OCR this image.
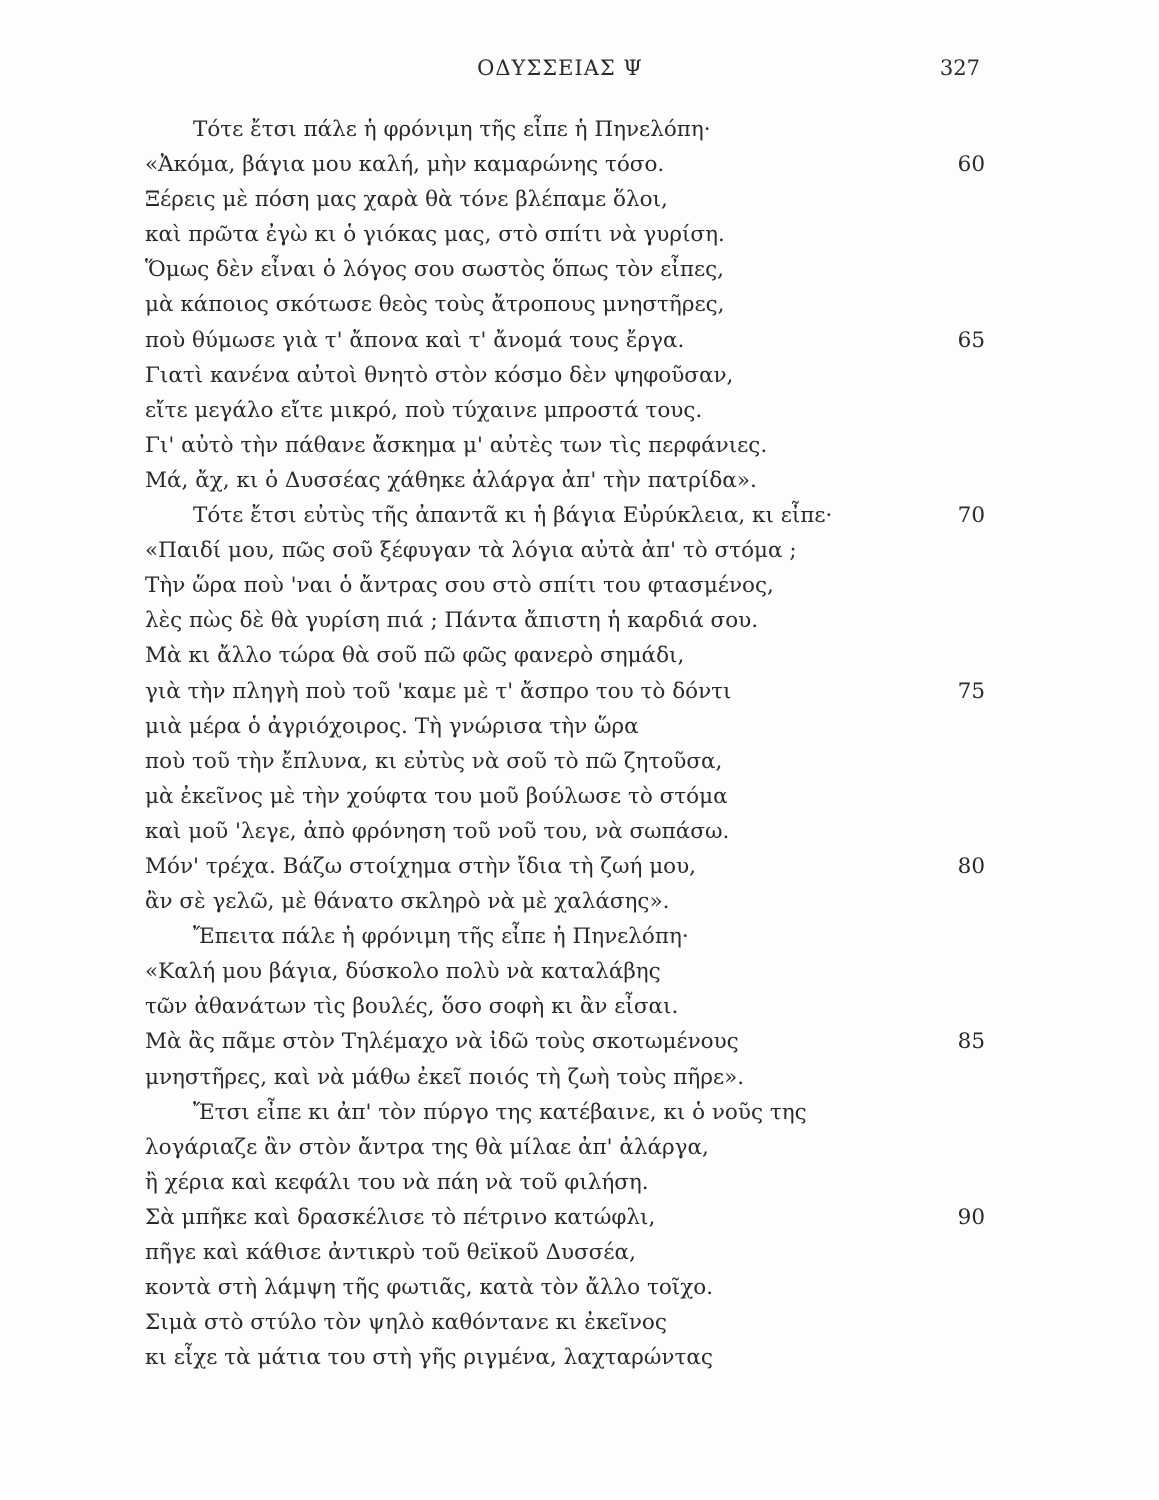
ΟΔΥΣΣΕΙΑΣ Ψ	327
Τότε ἔτσι πάλε ἡ φρόνιμη τῆς εἶπε ἡ Πηνελόπη·
«Ἀκόμα, βάγια μου καλή, μὴν καμαρώνης τόσο.	60
Ξέρεις μὲ πόση μας χαρὰ θὰ τόνε βλέπαμε ὅλοι,
καὶ πρῶτα ἐγὼ κι ὁ γιόκας μας, στὸ σπίτι νὰ γυρίση.
Ὅμως δὲν εἶναι ὁ λόγος σου σωστὸς ὅπως τὸν εἶπες,
μὰ κάποιος σκότωσε θεὸς τοὺς ἄτροπους μνηστῆρες,
ποὺ θύμωσε γιὰ τ' ἄπονα καὶ τ' ἄνομά τους ἔργα.	65
Γιατὶ κανένα αὐτοὶ θνητὸ στὸν κόσμο δὲν ψηφοῦσαν,
εἴτε μεγάλο εἴτε μικρό, ποὺ τύχαινε μπροστά τους.
Γι' αὐτὸ τὴν πάθανε ἄσκημα μ' αὐτὲς των τὶς περφάνιες.
Μά, ἄχ, κι ὁ Δυσσέας χάθηκε ἀλάργα ἀπ' τὴν πατρίδα».
Τότε ἔτσι εὐτὺς τῆς ἀπαντᾶ κι ἡ βάγια Εὐρύκλεια, κι εἶπε·	70
«Παιδί μου, πῶς σοῦ ξέφυγαν τὰ λόγια αὐτὰ ἀπ' τὸ στόμα ;
Τὴν ὥρα ποὺ 'ναι ὁ ἄντρας σου στὸ σπίτι του φτασμένος,
λὲς πὼς δὲ θὰ γυρίση πιά ; Πάντα ἄπιστη ἡ καρδιά σου.
Μὰ κι ἄλλο τώρα θὰ σοῦ πῶ φῶς φανερὸ σημάδι,
γιὰ τὴν πληγὴ ποὺ τοῦ 'καμε μὲ τ' ἄσπρο του τὸ δόντι	75
μιὰ μέρα ὁ ἀγριόχοιρος. Τὴ γνώρισα τὴν ὥρα
ποὺ τοῦ τὴν ἔπλυνα, κι εὐτὺς νὰ σοῦ τὸ πῶ ζητοῦσα,
μὰ ἐκεῖνος μὲ τὴν χούφτα του μοῦ βούλωσε τὸ στόμα
καὶ μοῦ 'λεγε, ἀπὸ φρόνηση τοῦ νοῦ του, νὰ σωπάσω.
Μόν' τρέχα. Βάζω στοίχημα στὴν ἴδια τὴ ζωή μου,	80
ἂν σὲ γελῶ, μὲ θάνατο σκληρὸ νὰ μὲ χαλάσης».
Ἔπειτα πάλε ἡ φρόνιμη τῆς εἶπε ἡ Πηνελόπη·
«Καλή μου βάγια, δύσκολο πολὺ νὰ καταλάβης
τῶν ἀθανάτων τὶς βουλές, ὅσο σοφὴ κι ἂν εἶσαι.
Μὰ ἂς πᾶμε στὸν Τηλέμαχο νὰ ἰδῶ τοὺς σκοτωμένους	85
μνηστῆρες, καὶ νὰ μάθω ἐκεῖ ποιός τὴ ζωὴ τοὺς πῆρε».
Ἔτσι εἶπε κι ἀπ' τὸν πύργο της κατέβαινε, κι ὁ νοῦς της
λογάριαζε ἂν στὸν ἄντρα της θὰ μίλαε ἀπ' ἀλάργα,
ἢ χέρια καὶ κεφάλι του νὰ πάη νὰ τοῦ φιλήση.
Σὰ μπῆκε καὶ δρασκέλισε τὸ πέτρινο κατώφλι,	90
πῆγε καὶ κάθισε ἀντικρὺ τοῦ θεϊκοῦ Δυσσέα,
κοντὰ στὴ λάμψη τῆς φωτιᾶς, κατὰ τὸν ἄλλο τοῖχο.
Σιμὰ στὸ στύλο τὸν ψηλὸ καθόντανε κι ἐκεῖνος
κι εἶχε τὰ μάτια του στὴ γῆς ριγμένα, λαχταρώντας
